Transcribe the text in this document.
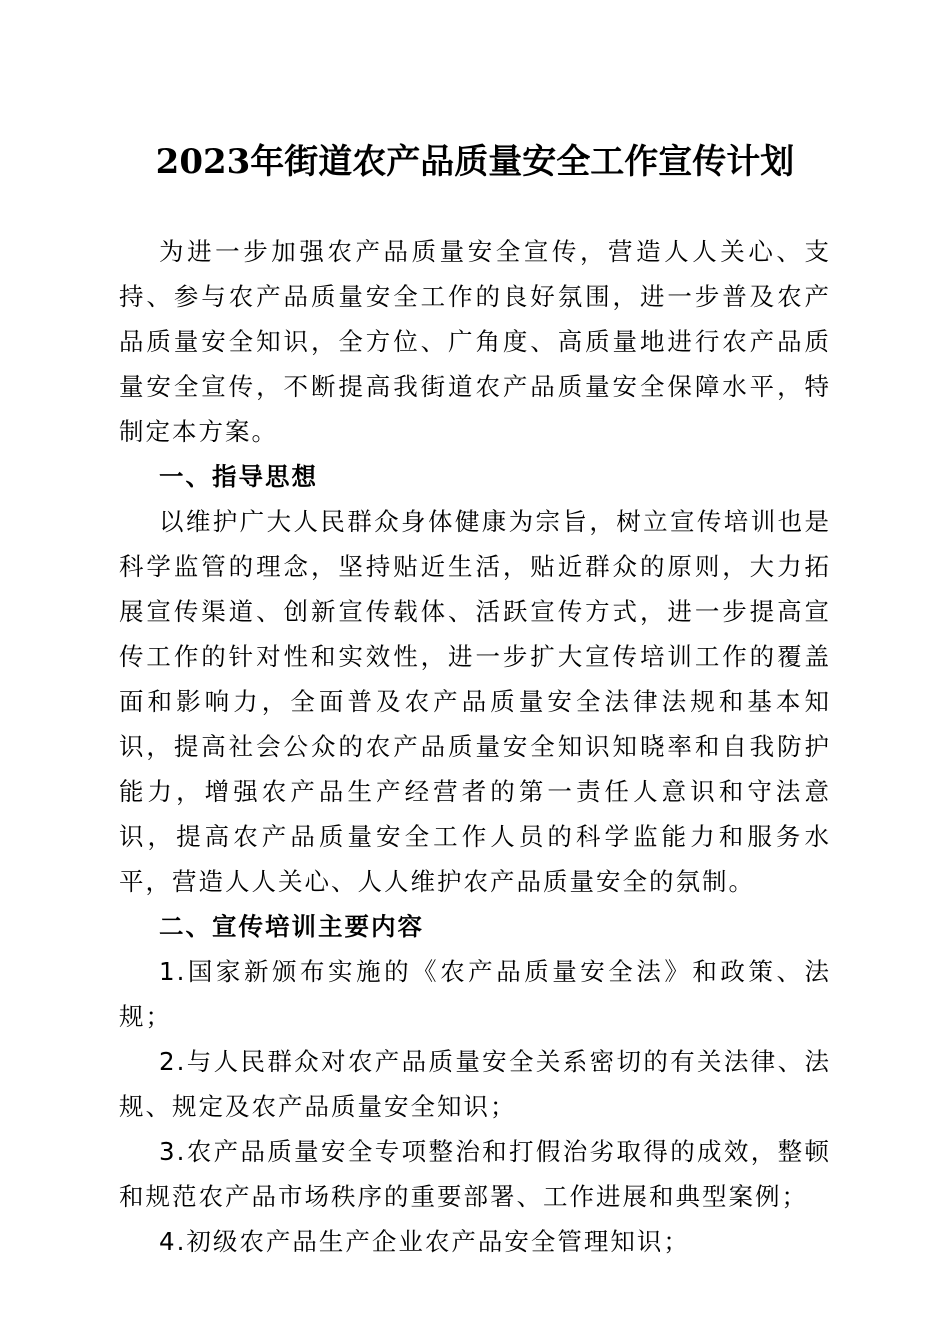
2023年街道农产品质量安全工作宣传计划

为进一步加强农产品质量安全宣传，营造人人关心、支持、参与农产品质量安全工作的良好氛围，进一步普及农产品质量安全知识，全方位、广角度、高质量地进行农产品质量安全宣传，不断提高我街道农产品质量安全保障水平，特制定本方案。

一、指导思想

以维护广大人民群众身体健康为宗旨，树立宣传培训也是科学监管的理念，坚持贴近生活，贴近群众的原则，大力拓展宣传渠道、创新宣传载体、活跃宣传方式，进一步提高宣传工作的针对性和实效性，进一步扩大宣传培训工作的覆盖面和影响力，全面普及农产品质量安全法律法规和基本知识，提高社会公众的农产品质量安全知识知晓率和自我防护能力，增强农产品生产经营者的第一责任人意识和守法意识，提高农产品质量安全工作人员的科学监能力和服务水平，营造人人关心、人人维护农产品质量安全的氛制。

二、宣传培训主要内容

1.国家新颁布实施的《农产品质量安全法》和政策、法规；

2.与人民群众对农产品质量安全关系密切的有关法律、法规、规定及农产品质量安全知识；

3.农产品质量安全专项整治和打假治劣取得的成效，整顿和规范农产品市场秩序的重要部署、工作进展和典型案例；

4.初级农产品生产企业农产品安全管理知识；
